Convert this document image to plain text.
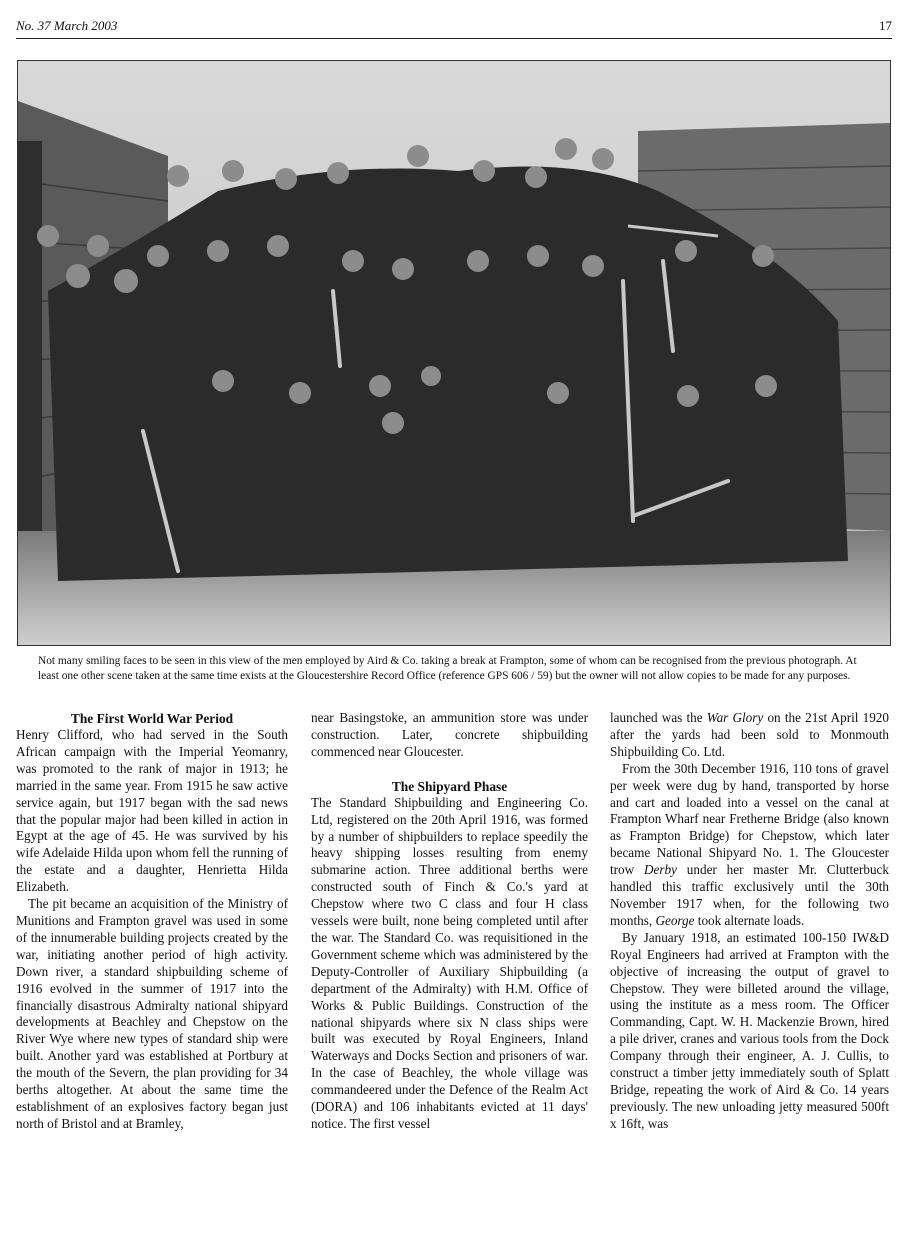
No. 37 March 2003	17

Not many smiling faces to be seen in this view of the men employed by Aird & Co. taking a break at Frampton, some of whom can be recognised from the previous photograph. At least one other scene taken at the same time exists at the Gloucestershire Record Office (reference GPS 606 / 59) but the owner will not allow copies to be made for any purposes.

The First World War Period

Henry Clifford, who had served in the South African campaign with the Imperial Yeomanry, was promoted to the rank of major in 1913; he married in the same year. From 1915 he saw active service again, but 1917 began with the sad news that the popular major had been killed in action in Egypt at the age of 45. He was survived by his wife Adelaide Hilda upon whom fell the running of the estate and a daughter, Henrietta Hilda Elizabeth.

The pit became an acquisition of the Ministry of Munitions and Frampton gravel was used in some of the innumerable building projects created by the war, initiating another period of high activity. Down river, a standard shipbuilding scheme of 1916 evolved in the summer of 1917 into the financially disastrous Admiralty national shipyard developments at Beachley and Chepstow on the River Wye where new types of standard ship were built. Another yard was established at Portbury at the mouth of the Severn, the plan providing for 34 berths altogether. At about the same time the establishment of an explosives factory began just north of Bristol and at Bramley,

near Basingstoke, an ammunition store was under construction. Later, concrete shipbuilding commenced near Gloucester.

The Shipyard Phase

The Standard Shipbuilding and Engineering Co. Ltd, registered on the 20th April 1916, was formed by a number of shipbuilders to replace speedily the heavy shipping losses resulting from enemy submarine action. Three additional berths were constructed south of Finch & Co.'s yard at Chepstow where two C class and four H class vessels were built, none being completed until after the war. The Standard Co. was requisitioned in the Government scheme which was administered by the Deputy-Controller of Auxiliary Shipbuilding (a department of the Admiralty) with H.M. Office of Works & Public Buildings. Construction of the national shipyards where six N class ships were built was executed by Royal Engineers, Inland Waterways and Docks Section and prisoners of war. In the case of Beachley, the whole village was commandeered under the Defence of the Realm Act (DORA) and 106 inhabitants evicted at 11 days' notice. The first vessel

launched was the War Glory on the 21st April 1920 after the yards had been sold to Monmouth Shipbuilding Co. Ltd.

From the 30th December 1916, 110 tons of gravel per week were dug by hand, transported by horse and cart and loaded into a vessel on the canal at Frampton Wharf near Fretherne Bridge (also known as Frampton Bridge) for Chepstow, which later became National Shipyard No. 1. The Gloucester trow Derby under her master Mr. Clutterbuck handled this traffic exclusively until the 30th November 1917 when, for the following two months, George took alternate loads.

By January 1918, an estimated 100-150 IW&D Royal Engineers had arrived at Frampton with the objective of increasing the output of gravel to Chepstow. They were billeted around the village, using the institute as a mess room. The Officer Commanding, Capt. W. H. Mackenzie Brown, hired a pile driver, cranes and various tools from the Dock Company through their engineer, A. J. Cullis, to construct a timber jetty immediately south of Splatt Bridge, repeating the work of Aird & Co. 14 years previously. The new unloading jetty measured 500ft x 16ft, was
